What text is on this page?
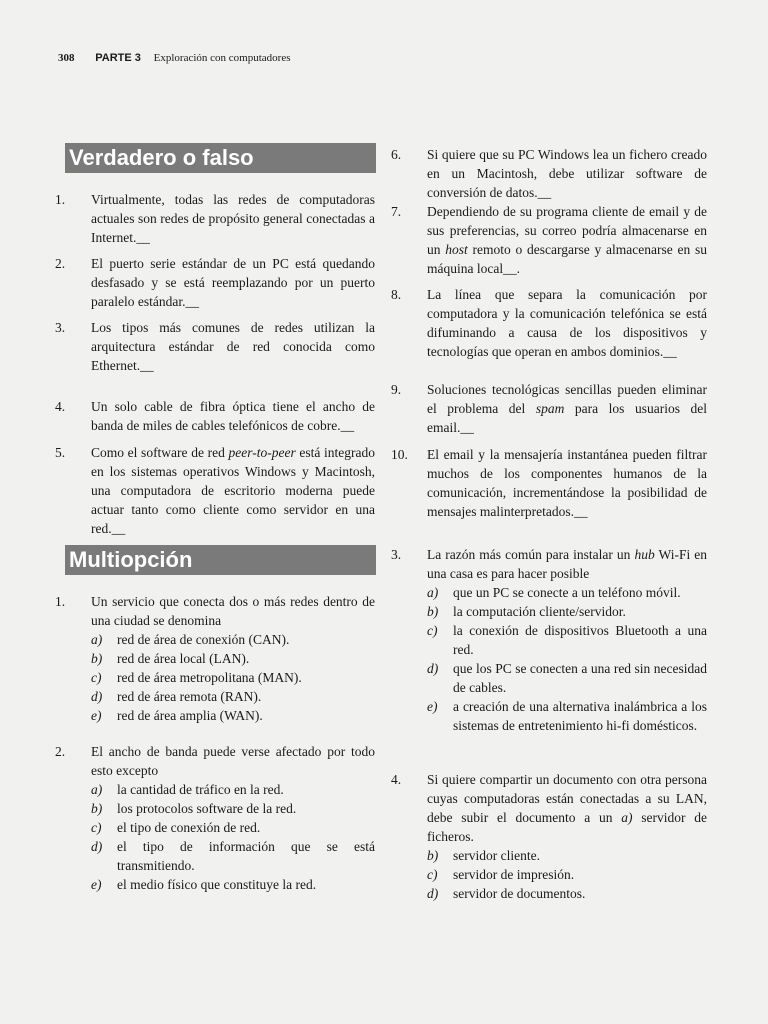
308 PARTE 3 Exploración con computadores
Verdadero o falso
Multiopción
1.	Virtualmente, todas las redes de computadoras actuales son redes de propósito general conectadas a Internet.__
2.	El puerto serie estándar de un PC está quedando desfasado y se está reemplazando por un puerto paralelo estándar.__
3.	Los tipos más comunes de redes utilizan la arquitectura estándar de red conocida como Ethernet.__
4.	Un solo cable de fibra óptica tiene el ancho de banda de miles de cables telefónicos de cobre.__
5.	Como el software de red peer-to-peer está integrado en los sistemas operativos Windows y Macintosh, una computadora de escritorio moderna puede actuar tanto como cliente como servidor en una red.__
1.	Un servicio que conecta dos o más redes dentro de una ciudad se denomina
a) red de área de conexión (CAN).
b) red de área local (LAN).
c) red de área metropolitana (MAN).
d) red de área remota (RAN).
e) red de área amplia (WAN).
2.	El ancho de banda puede verse afectado por todo esto excepto
a) la cantidad de tráfico en la red.
b) los protocolos software de la red.
c) el tipo de conexión de red.
d) el tipo de información que se está transmitiendo.
e) el medio físico que constituye la red.
6.	Si quiere que su PC Windows lea un fichero creado en un Macintosh, debe utilizar software de conversión de datos.__
7.	Dependiendo de su programa cliente de email y de sus preferencias, su correo podría almacenarse en un host remoto o descargarse y almacenarse en su máquina local__.
8.	La línea que separa la comunicación por computadora y la comunicación telefónica se está difuminando a causa de los dispositivos y tecnologías que operan en ambos dominios.__
9.	Soluciones tecnológicas sencillas pueden eliminar el problema del spam para los usuarios del email.__
10.	El email y la mensajería instantánea pueden filtrar muchos de los componentes humanos de la comunicación, incrementándose la posibilidad de mensajes malinterpretados.__
3.	La razón más común para instalar un hub Wi-Fi en una casa es para hacer posible
a) que un PC se conecte a un teléfono móvil.
b) la computación cliente/servidor.
c) la conexión de dispositivos Bluetooth a una red.
d) que los PC se conecten a una red sin necesidad de cables.
e) a creación de una alternativa inalámbrica a los sistemas de entretenimiento hi-fi domésticos.
4.	Si quiere compartir un documento con otra persona cuyas computadoras están conectadas a su LAN, debe subir el documento a un a) servidor de ficheros.
b) servidor cliente.
c) servidor de impresión.
d) servidor de documentos.
